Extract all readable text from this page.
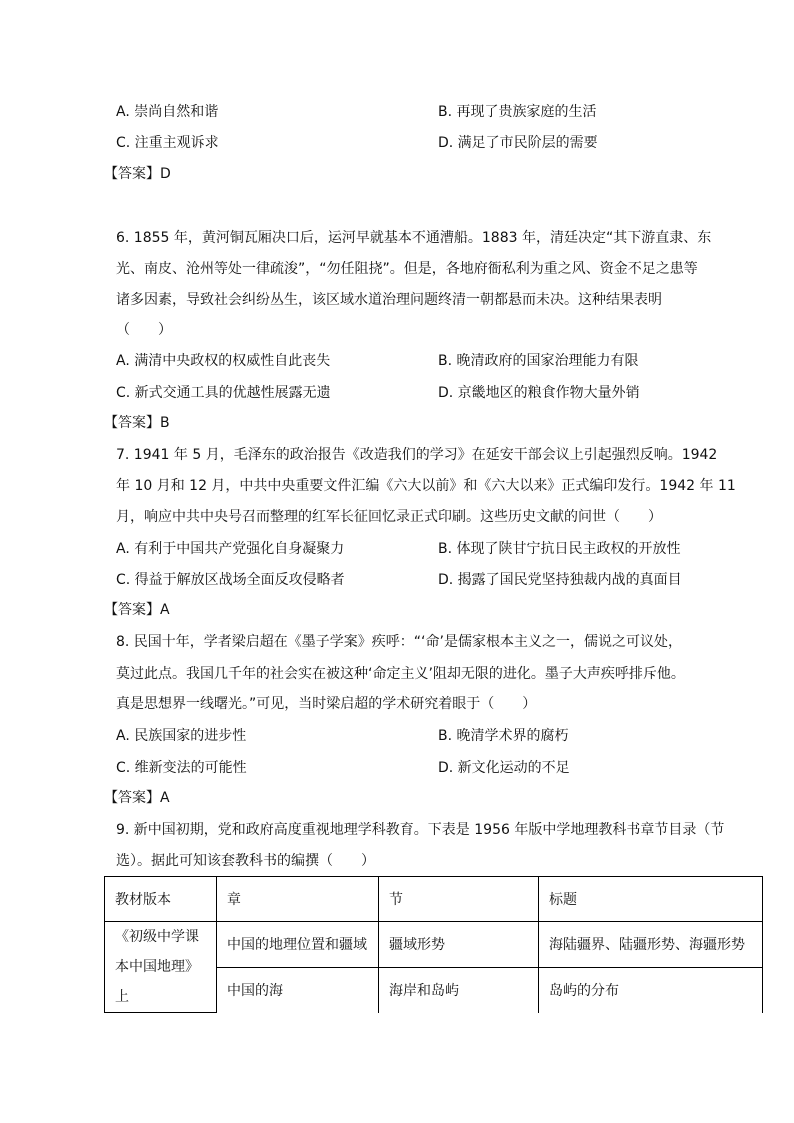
A. 崇尚自然和谐	B. 再现了贵族家庭的生活
C. 注重主观诉求	D. 满足了市民阶层的需要
【答案】D
6. 1855 年，黄河铜瓦厢决口后，运河早就基本不通漕船。1883 年，清廷决定“其下游直隶、东
光、南皮、沧州等处一律疏浚”，“勿任阻挠”。但是，各地府衙私利为重之风、资金不足之患等
诸多因素，导致社会纠纷丛生，该区域水道治理问题终清一朝都悬而未决。这种结果表明
（　　）
A. 满清中央政权的权威性自此丧失	B. 晚清政府的国家治理能力有限
C. 新式交通工具的优越性展露无遗	D. 京畿地区的粮食作物大量外销
【答案】B
7. 1941 年 5 月，毛泽东的政治报告《改造我们的学习》在延安干部会议上引起强烈反响。1942
年 10 月和 12 月，中共中央重要文件汇编《六大以前》和《六大以来》正式编印发行。1942 年 11
月，响应中共中央号召而整理的红军长征回忆录正式印刷。这些历史文献的问世（　　）
A. 有利于中国共产党强化自身凝聚力	B. 体现了陕甘宁抗日民主政权的开放性
C. 得益于解放区战场全面反攻侵略者	D. 揭露了国民党坚持独裁内战的真面目
【答案】A
8. 民国十年，学者梁启超在《墨子学案》疾呼：“‘命’是儒家根本主义之一，儒说之可议处，
莫过此点。我国几千年的社会实在被这种‘命定主义’阻却无限的进化。墨子大声疾呼排斥他。
真是思想界一线曙光。”可见，当时梁启超的学术研究着眼于（　　）
A. 民族国家的进步性	B. 晚清学术界的腐朽
C. 维新变法的可能性	D. 新文化运动的不足
【答案】A
9. 新中国初期，党和政府高度重视地理学科教育。下表是 1956 年版中学地理教科书章节目录（节
选）。据此可知该套教科书的编撰（　　）
教材版本	章	节	标题

《初级中学课
本中国地理》上	中国的地理位置和疆域	疆域形势	海陆疆界、陆疆形势、海疆形势
	中国的海	海岸和岛屿	岛屿的分布
